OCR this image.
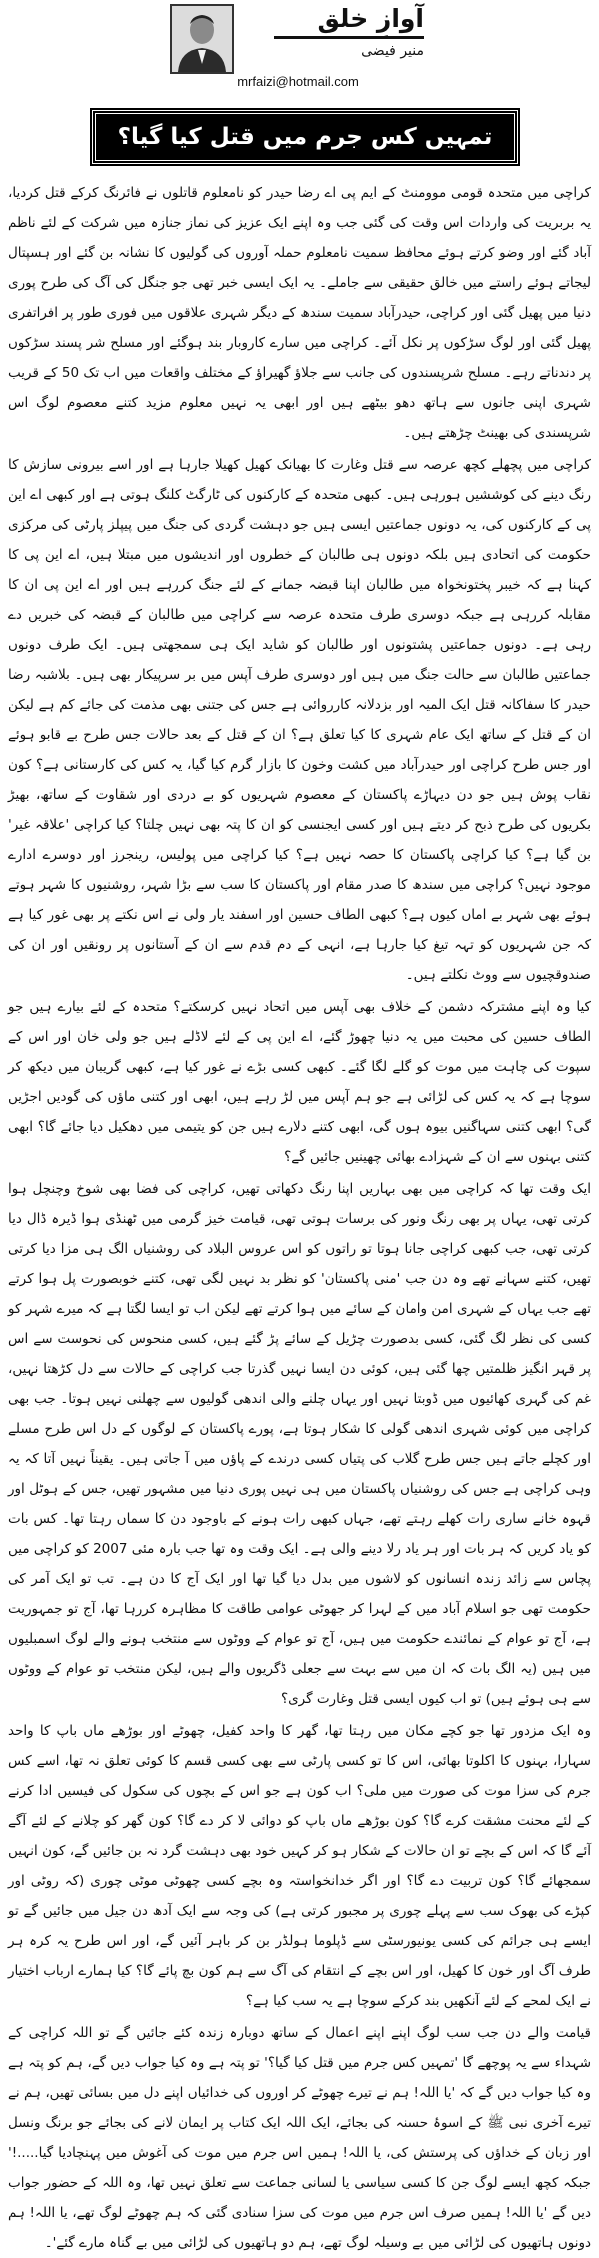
آوازِ خلق
منیر فیضی
mrfaizi@hotmail.com
تمہیں کس جرم میں قتل کیا گیا؟

کراچی میں متحدہ قومی موومنٹ کے ایم پی اے رضا حیدر کو نامعلوم قاتلوں نے فائرنگ کرکے قتل کردیا، یہ بربریت کی واردات اس وقت کی گئی جب وہ اپنے ایک عزیز کی نماز جنازہ میں شرکت کے لئے ناظم آباد گئے اور وضو کرتے ہوئے محافظ سمیت نامعلوم حملہ آوروں کی گولیوں کا نشانہ بن گئے اور ہسپتال لیجاتے ہوئے راستے میں خالق حقیقی سے جاملے۔ یہ ایک ایسی خبر تھی جو جنگل کی آگ کی طرح پوری دنیا میں پھیل گئی اور کراچی، حیدرآباد سمیت سندھ کے دیگر شہری علاقوں میں فوری طور پر افراتفری پھیل گئی اور لوگ سڑکوں پر نکل آئے۔ کراچی میں سارے کاروبار بند ہوگئے اور مسلح شر پسند سڑکوں پر دندناتے رہے۔ مسلح شرپسندوں کی جانب سے جلاؤ گھیراؤ کے مختلف واقعات میں اب تک 50 کے قریب شہری اپنی جانوں سے ہاتھ دھو بیٹھے ہیں اور ابھی یہ نہیں معلوم مزید کتنے معصوم لوگ اس شرپسندی کی بھینٹ چڑھتے ہیں۔

کراچی میں پچھلے کچھ عرصہ سے قتل وغارت کا بھیانک کھیل کھیلا جارہا ہے اور اسے بیرونی سازش کا رنگ دینے کی کوششیں ہورہی ہیں۔ کبھی متحدہ کے کارکنوں کی ٹارگٹ کلنگ ہوتی ہے اور کبھی اے این پی کے کارکنوں کی، یہ دونوں جماعتیں ایسی ہیں جو دہشت گردی کی جنگ میں پیپلز پارٹی کی مرکزی حکومت کی اتحادی ہیں بلکہ دونوں ہی طالبان کے خطروں اور اندیشوں میں مبتلا ہیں، اے این پی کا کہنا ہے کہ خیبر پختونخواہ میں طالبان اپنا قبضہ جمانے کے لئے جنگ کررہے ہیں اور اے این پی ان کا مقابلہ کررہی ہے جبکہ دوسری طرف متحدہ عرصہ سے کراچی میں طالبان کے قبضہ کی خبریں دے رہی ہے۔ دونوں جماعتیں پشتونوں اور طالبان کو شاید ایک ہی سمجھتی ہیں۔ ایک طرف دونوں جماعتیں طالبان سے حالت جنگ میں ہیں اور دوسری طرف آپس میں بر سرپیکار بھی ہیں۔ بلاشبہ رضا حیدر کا سفاکانہ قتل ایک المیہ اور بزدلانہ کارروائی ہے جس کی جتنی بھی مذمت کی جائے کم ہے لیکن ان کے قتل کے ساتھ ایک عام شہری کا کیا تعلق ہے؟ ان کے قتل کے بعد حالات جس طرح بے قابو ہوئے اور جس طرح کراچی اور حیدرآباد میں کشت وخون کا بازار گرم کیا گیا، یہ کس کی کارستانی ہے؟ کون نقاب پوش ہیں جو دن دیہاڑے پاکستان کے معصوم شہریوں کو بے دردی اور شقاوت کے ساتھ، بھیڑ بکریوں کی طرح ذبح کر دیتے ہیں اور کسی ایجنسی کو ان کا پتہ بھی نہیں چلتا؟ کیا کراچی 'علاقہ غیر' بن گیا ہے؟ کیا کراچی پاکستان کا حصہ نہیں ہے؟ کیا کراچی میں پولیس، رینجرز اور دوسرے ادارے موجود نہیں؟ کراچی میں سندھ کا صدر مقام اور پاکستان کا سب سے بڑا شہر، روشنیوں کا شہر ہوتے ہوئے بھی شہر بے اماں کیوں ہے؟ کبھی الطاف حسین اور اسفند یار ولی نے اس نکتے پر بھی غور کیا ہے کہ جن شہریوں کو تہہ تیغ کیا جارہا ہے، انہی کے دم قدم سے ان کے آستانوں پر رونقیں اور ان کی صندوقچیوں سے ووٹ نکلتے ہیں۔

کیا وہ اپنے مشترکہ دشمن کے خلاف بھی آپس میں اتحاد نہیں کرسکتے؟ متحدہ کے لئے بیارے ہیں جو الطاف حسین کی محبت میں یہ دنیا چھوڑ گئے، اے این پی کے لئے لاڈلے ہیں جو ولی خان اور اس کے سپوت کی چاہت میں موت کو گلے لگا گئے۔ کبھی کسی بڑے نے غور کیا ہے، کبھی گریبان میں دیکھ کر سوچا ہے کہ یہ کس کی لڑائی ہے جو ہم آپس میں لڑ رہے ہیں، ابھی اور کتنی ماؤں کی گودیں اجڑیں گی؟ ابھی کتنی سہاگنیں بیوہ ہوں گی، ابھی کتنے دلارے ہیں جن کو یتیمی میں دھکیل دیا جائے گا؟ ابھی کتنی بہنوں سے ان کے شہزادے بھائی چھینیں جائیں گے؟

ایک وقت تھا کہ کراچی میں بھی بہاریں اپنا رنگ دکھاتی تھیں، کراچی کی فضا بھی شوخ وچنچل ہوا کرتی تھی، یہاں پر بھی رنگ ونور کی برسات ہوتی تھی، قیامت خیز گرمی میں ٹھنڈی ہوا ڈیرہ ڈال دیا کرتی تھی، جب کبھی کراچی جانا ہوتا تو راتوں کو اس عروس البلاد کی روشنیاں الگ ہی مزا دیا کرتی تھیں، کتنے سہانے تھے وہ دن جب 'منی پاکستان' کو نظر بد نہیں لگی تھی، کتنے خوبصورت پل ہوا کرتے تھے جب یہاں کے شہری امن وامان کے سائے میں ہوا کرتے تھے لیکن اب تو ایسا لگتا ہے کہ میرے شہر کو کسی کی نظر لگ گئی، کسی بدصورت چڑیل کے سائے پڑ گئے ہیں، کسی منحوس کی نحوست سے اس پر قہر انگیز ظلمتیں چھا گئی ہیں، کوئی دن ایسا نہیں گذرتا جب کراچی کے حالات سے دل کڑھتا نہیں، غم کی گہری کھائیوں میں ڈوبتا نہیں اور یہاں چلنے والی اندھی گولیوں سے چھلنی نہیں ہوتا۔ جب بھی کراچی میں کوئی شہری اندھی گولی کا شکار ہوتا ہے، پورے پاکستان کے لوگوں کے دل اس طرح مسلے اور کچلے جاتے ہیں جس طرح گلاب کی پتیاں کسی درندے کے پاؤں میں آ جاتی ہیں۔ یقیناً نہیں آتا کہ یہ وہی کراچی ہے جس کی روشنیاں پاکستان میں ہی نہیں پوری دنیا میں مشہور تھیں، جس کے ہوٹل اور قہوہ خانے ساری رات کھلے رہتے تھے، جہاں کبھی رات ہونے کے باوجود دن کا سماں رہتا تھا۔ کس بات کو یاد کریں کہ ہر بات اور ہر یاد رلا دینے والی ہے۔ ایک وقت وہ تھا جب بارہ مئی 2007 کو کراچی میں پچاس سے زائد زندہ انسانوں کو لاشوں میں بدل دیا گیا تھا اور ایک آج کا دن ہے۔ تب تو ایک آمر کی حکومت تھی جو اسلام آباد میں کے لہرا کر جھوٹی عوامی طاقت کا مظاہرہ کررہا تھا، آج تو جمہوریت ہے، آج تو عوام کے نمائندے حکومت میں ہیں، آج تو عوام کے ووٹوں سے منتخب ہونے والے لوگ اسمبلیوں میں ہیں (یہ الگ بات کہ ان میں سے بہت سے جعلی ڈگریوں والے ہیں، لیکن منتخب تو عوام کے ووٹوں سے ہی ہوئے ہیں) تو اب کیوں ایسی قتل وغارت گری؟

وہ ایک مزدور تھا جو کچے مکان میں رہتا تھا، گھر کا واحد کفیل، چھوٹے اور بوڑھے ماں باپ کا واحد سہارا، بہنوں کا اکلوتا بھائی، اس کا تو کسی پارٹی سے بھی کسی قسم کا کوئی تعلق نہ تھا، اسے کس جرم کی سزا موت کی صورت میں ملی؟ اب کون ہے جو اس کے بچوں کی سکول کی فیسیں ادا کرنے کے لئے محنت مشقت کرے گا؟ کون بوڑھے ماں باپ کو دوائی لا کر دے گا؟ کون گھر کو چلانے کے لئے آگے آئے گا کہ اس کے بچے تو ان حالات کے شکار ہو کر کہیں خود بھی دہشت گرد نہ بن جائیں گے، کون انہیں سمجھائے گا؟ کون تربیت دے گا؟ اور اگر خدانخواستہ وہ بچے کسی چھوٹی موٹی چوری (کہ روٹی اور کپڑے کی بھوک سب سے پہلے چوری پر مجبور کرتی ہے) کی وجہ سے ایک آدھ دن جیل میں جائیں گے تو ایسے ہی جرائم کی کسی یونیورسٹی سے ڈپلوما ہولڈر بن کر باہر آئیں گے، اور اس طرح یہ کرہ ہر طرف آگ اور خون کا کھیل، اور اس بچے کے انتقام کی آگ سے ہم کون بچ پائے گا؟ کیا ہمارے ارباب اختیار نے ایک لمحے کے لئے آنکھیں بند کرکے سوچا ہے یہ سب کیا ہے؟

قیامت والے دن جب سب لوگ اپنے اپنے اعمال کے ساتھ دوبارہ زندہ کئے جائیں گے تو اللہ کراچی کے شہداء سے یہ پوچھے گا 'تمہیں کس جرم میں قتل کیا گیا؟' تو پتہ ہے وہ کیا جواب دیں گے، ہم کو پتہ ہے وہ کیا جواب دیں گے کہ 'یا اللہ! ہم نے تیرے چھوٹے کر اوروں کی خدائیاں اپنے دل میں بسائی تھیں، ہم نے تیرے آخری نبی ﷺ کے اسوۂ حسنہ کی بجائے، ایک اللہ ایک کتاب پر ایمان لانے کی بجائے جو برنگ ونسل اور زبان کے خداؤں کی پرستش کی، یا اللہ! ہمیں اس جرم میں موت کی آغوش میں پہنچادیا گیا.....!' جبکہ کچھ ایسے لوگ جن کا کسی سیاسی یا لسانی جماعت سے تعلق نہیں تھا، وہ اللہ کے حضور جواب دیں گے 'یا اللہ! ہمیں صرف اس جرم میں موت کی سزا سنادی گئی کہ ہم چھوٹے لوگ تھے، یا اللہ! ہم دونوں ہاتھیوں کی لڑائی میں بے وسیلہ لوگ تھے، ہم دو ہاتھیوں کی لڑائی میں بے گناہ مارے گئے'۔
